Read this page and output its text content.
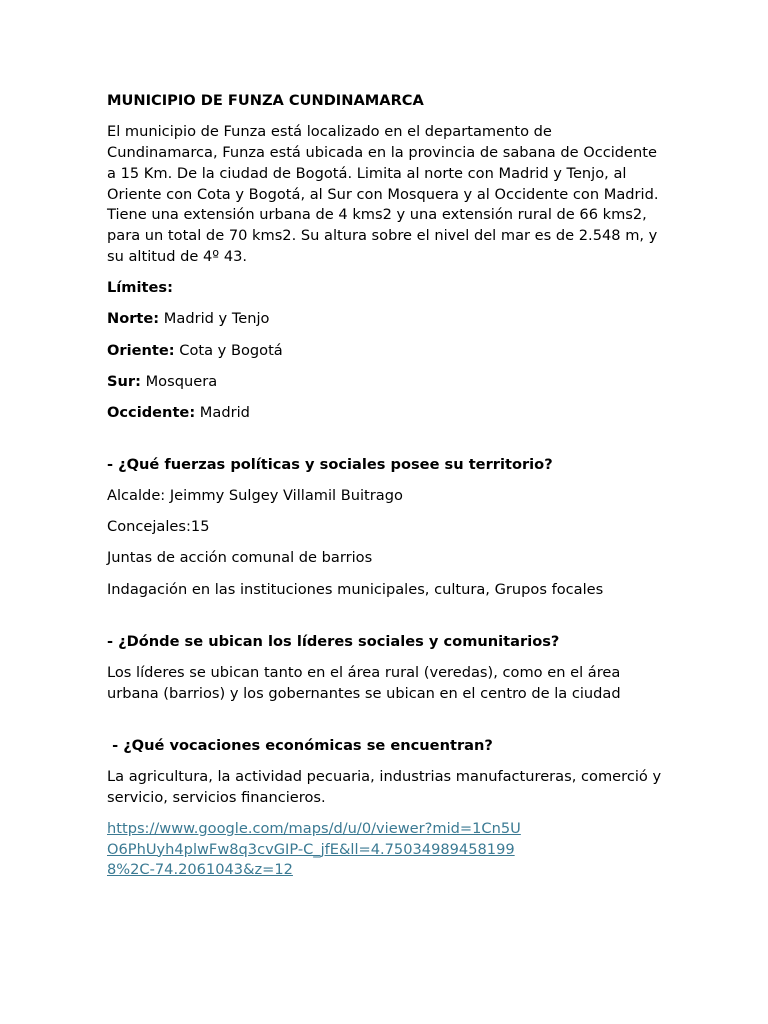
MUNICIPIO DE FUNZA CUNDINAMARCA

El municipio de Funza está localizado en el departamento de Cundinamarca, Funza está ubicada en la provincia de sabana de Occidente a 15 Km. De la ciudad de Bogotá. Limita al norte con Madrid y Tenjo, al Oriente con Cota y Bogotá, al Sur con Mosquera y al Occidente con Madrid. Tiene una extensión urbana de 4 kms2 y una extensión rural de 66 kms2, para un total de 70 kms2. Su altura sobre el nivel del mar es de 2.548 m, y su altitud de 4º 43.

Límites:

Norte: Madrid y Tenjo

Oriente: Cota y Bogotá

Sur: Mosquera

Occidente: Madrid

- ¿Qué fuerzas políticas y sociales posee su territorio?

Alcalde: Jeimmy Sulgey Villamil Buitrago

Concejales:15

Juntas de acción comunal de barrios

Indagación en las instituciones municipales, cultura, Grupos focales

- ¿Dónde se ubican los líderes sociales y comunitarios?

Los líderes se ubican tanto en el área rural (veredas), como en el área urbana (barrios) y los gobernantes se ubican en el centro de la ciudad

- ¿Qué vocaciones económicas se encuentran?

La agricultura, la actividad pecuaria, industrias manufactureras, comerció y servicio, servicios financieros.

https://www.google.com/maps/d/u/0/viewer?mid=1Cn5UO6PhUyh4plwFw8q3cvGIP-C_jfE&ll=4.750349894581998%2C-74.2061043&z=12
